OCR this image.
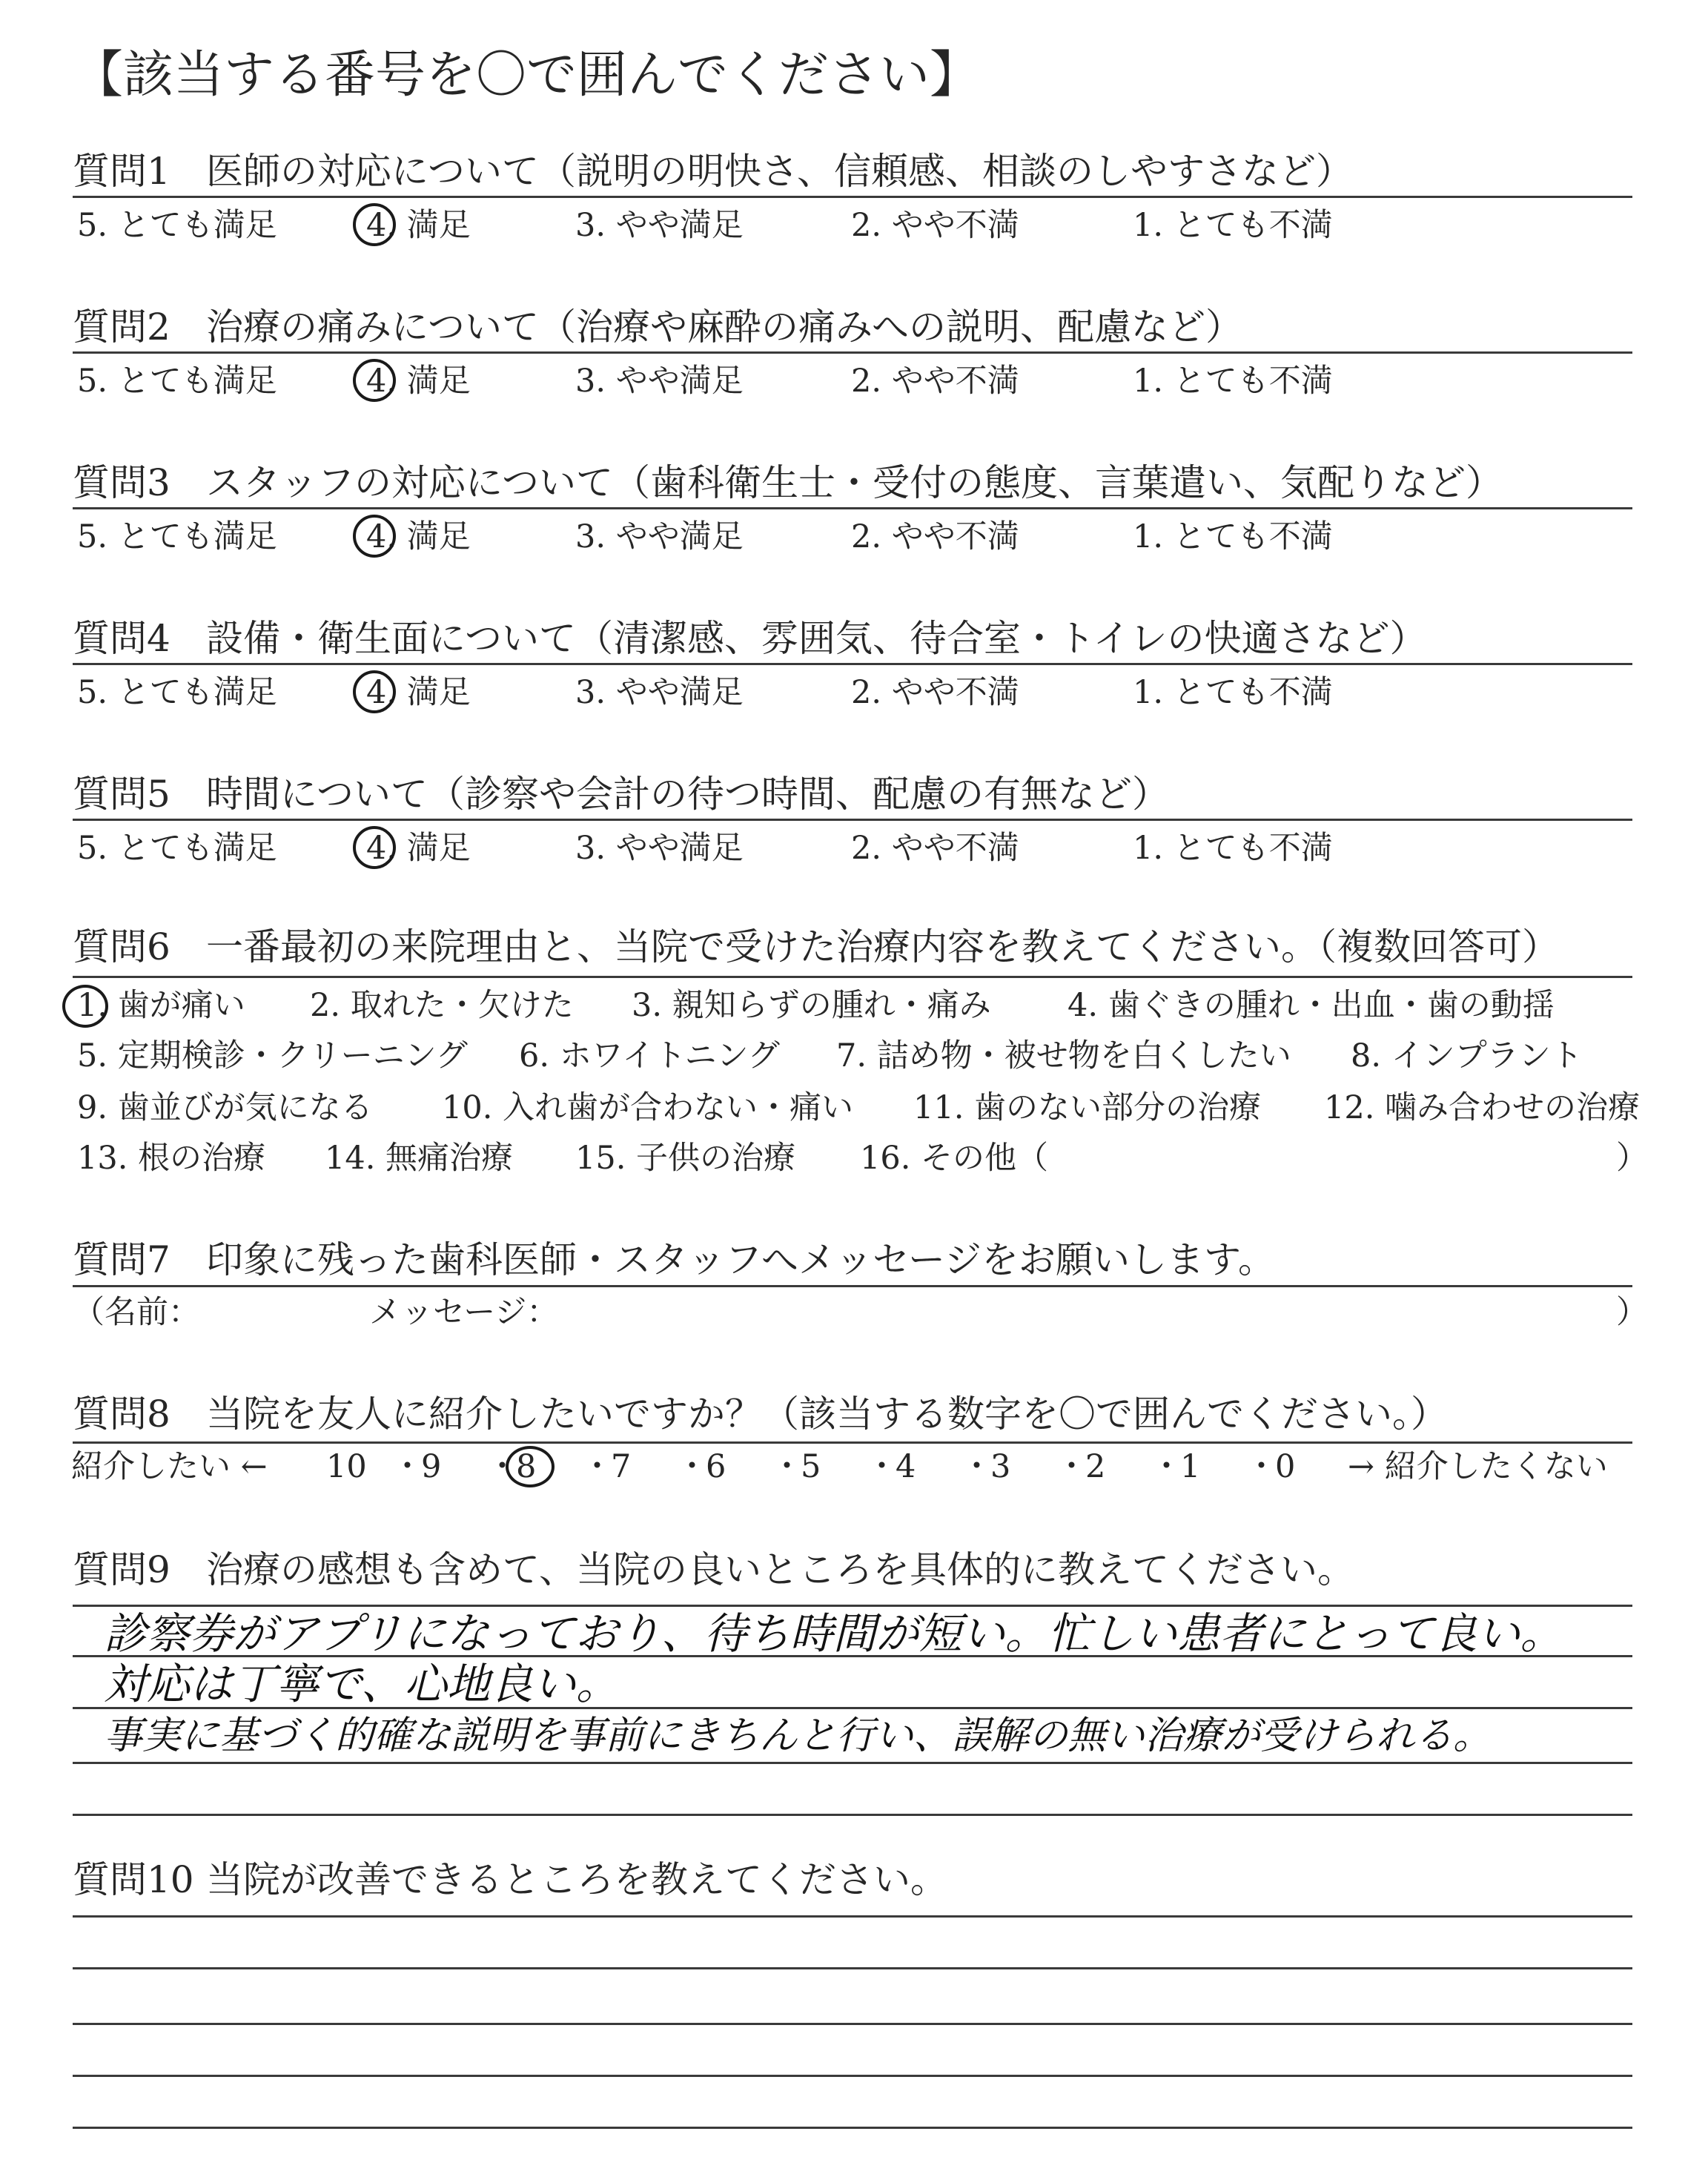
【該当する番号を〇で囲んでください】
質問1 医師の対応について（説明の明快さ、信頼感、相談のしやすさなど）
5. とても満足	4. 満足	3. やや満足	2. やや不満	1. とても不満
質問2 治療の痛みについて（治療や麻酔の痛みへの説明、配慮など）
5. とても満足	4. 満足	3. やや満足	2. やや不満	1. とても不満
質問3 スタッフの対応について（歯科衛生士・受付の態度、言葉遣い、気配りなど）
5. とても満足	4. 満足	3. やや満足	2. やや不満	1. とても不満
質問4 設備・衛生面について（清潔感、雰囲気、待合室・トイレの快適さなど）
5. とても満足	4. 満足	3. やや満足	2. やや不満	1. とても不満
質問5 時間について（診察や会計の待つ時間、配慮の有無など）
5. とても満足	4. 満足	3. やや満足	2. やや不満	1. とても不満
質問6 一番最初の来院理由と、当院で受けた治療内容を教えてください。（複数回答可）
1. 歯が痛い 2. 取れた・欠けた 3. 親知らずの腫れ・痛み 4. 歯ぐきの腫れ・出血・歯の動揺
5. 定期検診・クリーニング 6. ホワイトニング 7. 詰め物・被せ物を白くしたい 8. インプラント
9. 歯並びが気になる 10. 入れ歯が合わない・痛い 11. 歯のない部分の治療 12. 噛み合わせの治療
13. 根の治療 14. 無痛治療 15. 子供の治療 16. その他（	）
質問7 印象に残った歯科医師・スタッフへメッセージをお願いします。
（名前：	メッセージ：	）
質問8 当院を友人に紹介したいですか？（該当する数字を〇で囲んでください。）
紹介したい ← 10 ・
9 ・
8 ・
7 ・
6 ・
5 ・
4 ・
3 ・
2 ・
1 ・
0 → 紹介したくない
質問9 治療の感想も含めて、当院の良いところを具体的に教えてください。
診察券がアプリになっており、待ち時間が短い。忙しい患者にとって良い。
対応は丁寧で、心地良い。
事実に基づく的確な説明を事前にきちんと行い、誤解の無い治療が受けられる。
質問10 当院が改善できるところを教えてください。
